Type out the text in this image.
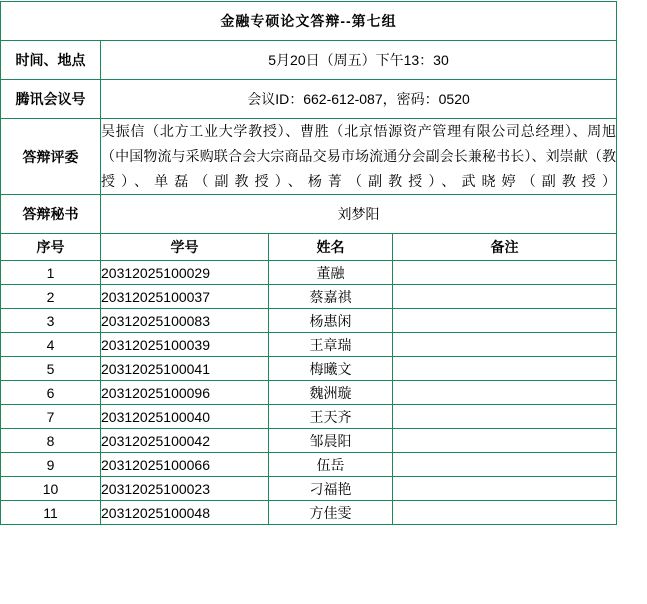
金融专硕论文答辩--第七组			
时间、地点	5月20日（周五）下午13：30		
腾讯会议号	会议ID：662-612-087，密码：0520		
答辩评委	吴振信（北方工业大学教授）、曹胜（北京悟源资产管理有限公司总经理）、周旭（中国物流与采购联合会大宗商品交易市场流通分会副会长兼秘书长）、刘崇献（教授）、单磊（副教授）、杨菁（副教授）、武晓婷（副教授）		
答辩秘书	刘梦阳		
序号	学号	姓名	备注
1	20312025100029	董融	
2	20312025100037	蔡嘉祺	
3	20312025100083	杨惠闲	
4	20312025100039	王章瑞	
5	20312025100041	梅曦文	
6	20312025100096	魏洲璇	
7	20312025100040	王天齐	
8	20312025100042	邹晨阳	
9	20312025100066	伍岳	
10	20312025100023	刁福艳	
11	20312025100048	方佳雯	
